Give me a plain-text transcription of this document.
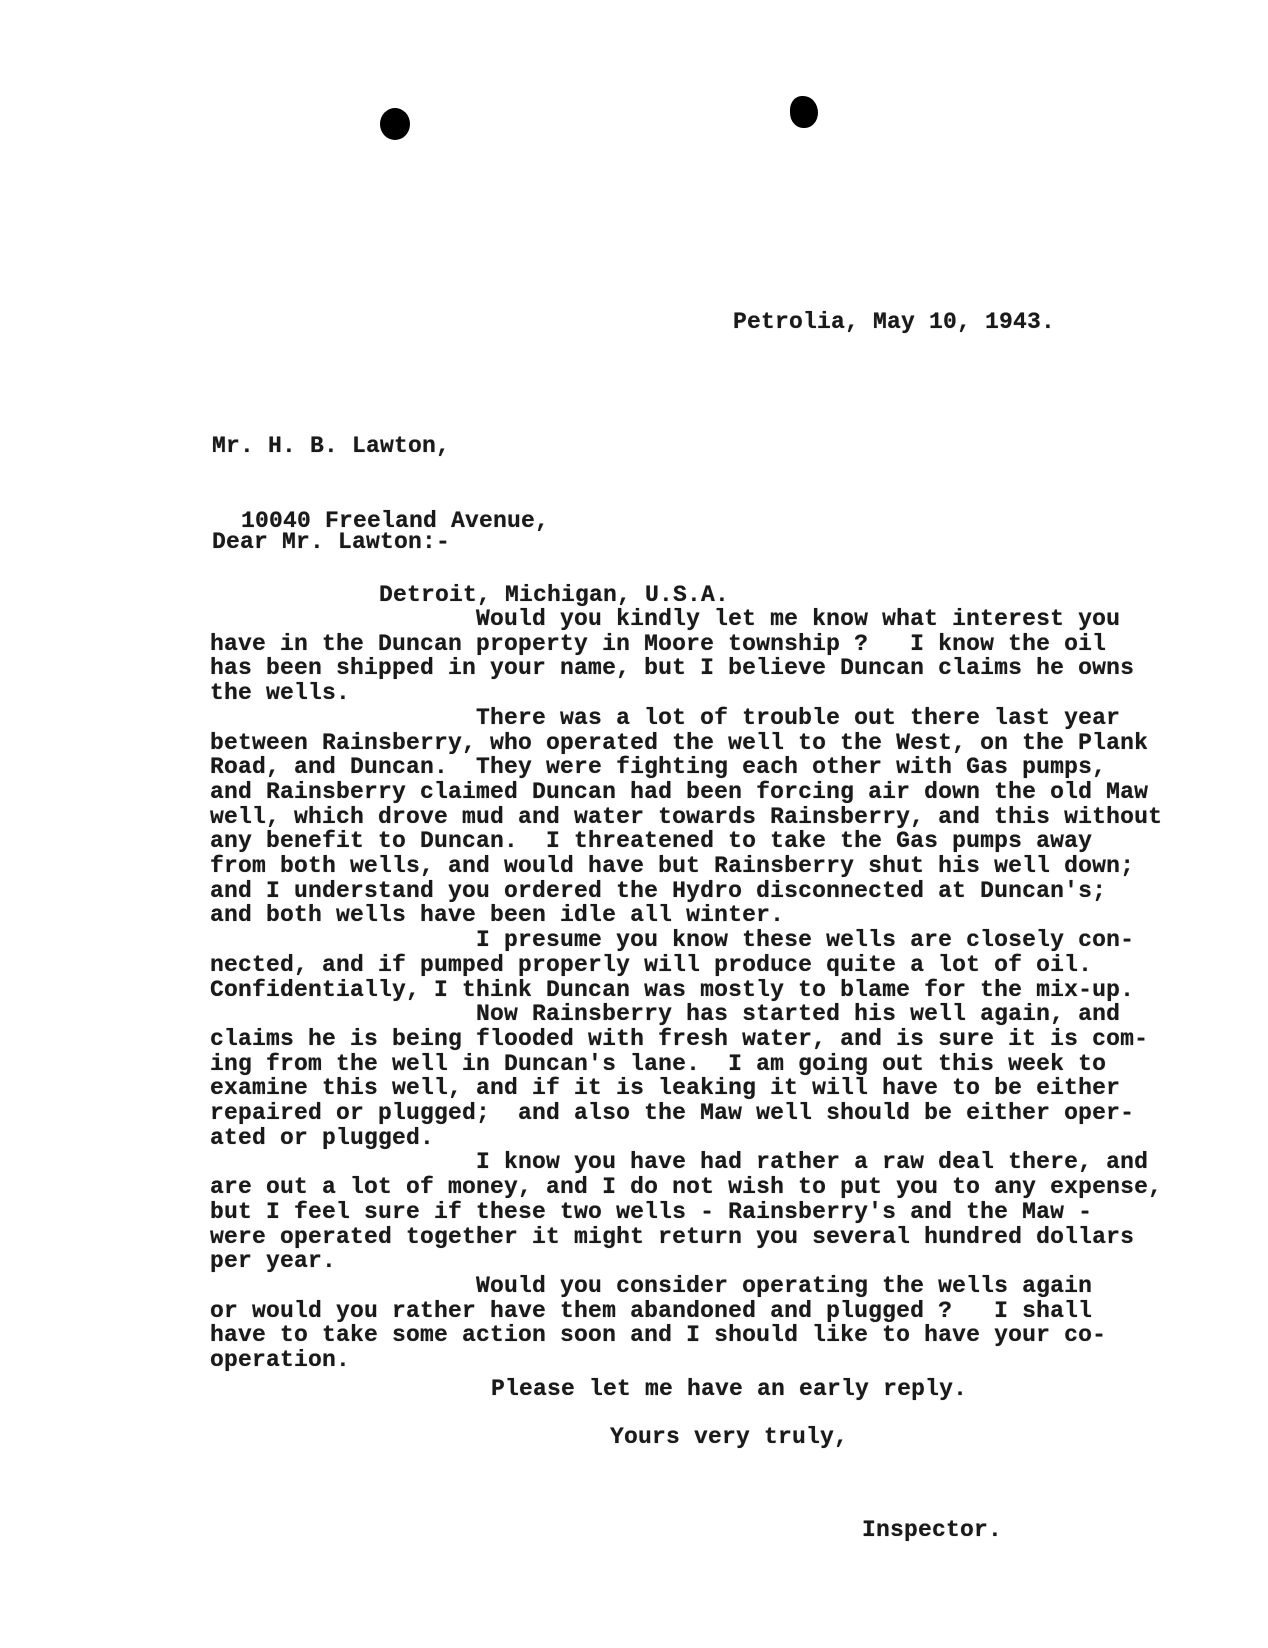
Petrolia, May 10, 1943.

Mr. H. B. Lawton,

10040 Freeland Avenue,

Detroit, Michigan, U.S.A.

Dear Mr. Lawton:-
Would you kindly let me know what interest you
have in the Duncan property in Moore township ?   I know the oil
has been shipped in your name, but I believe Duncan claims he owns
the wells.
There was a lot of trouble out there last year
between Rainsberry, who operated the well to the West, on the Plank
Road, and Duncan.  They were fighting each other with Gas pumps,
and Rainsberry claimed Duncan had been forcing air down the old Maw
well, which drove mud and water towards Rainsberry, and this without
any benefit to Duncan.  I threatened to take the Gas pumps away
from both wells, and would have but Rainsberry shut his well down;
and I understand you ordered the Hydro disconnected at Duncan's;
and both wells have been idle all winter.
I presume you know these wells are closely con-
nected, and if pumped properly will produce quite a lot of oil.
Confidentially, I think Duncan was mostly to blame for the mix-up.
Now Rainsberry has started his well again, and
claims he is being flooded with fresh water, and is sure it is com-
ing from the well in Duncan's lane.  I am going out this week to
examine this well, and if it is leaking it will have to be either
repaired or plugged;  and also the Maw well should be either oper-
ated or plugged.
I know you have had rather a raw deal there, and
are out a lot of money, and I do not wish to put you to any expense,
but I feel sure if these two wells - Rainsberry's and the Maw -
were operated together it might return you several hundred dollars
per year.
Would you consider operating the wells again
or would you rather have them abandoned and plugged ?   I shall
have to take some action soon and I should like to have your co-
operation.
Please let me have an early reply.
Yours very truly,
Inspector.
